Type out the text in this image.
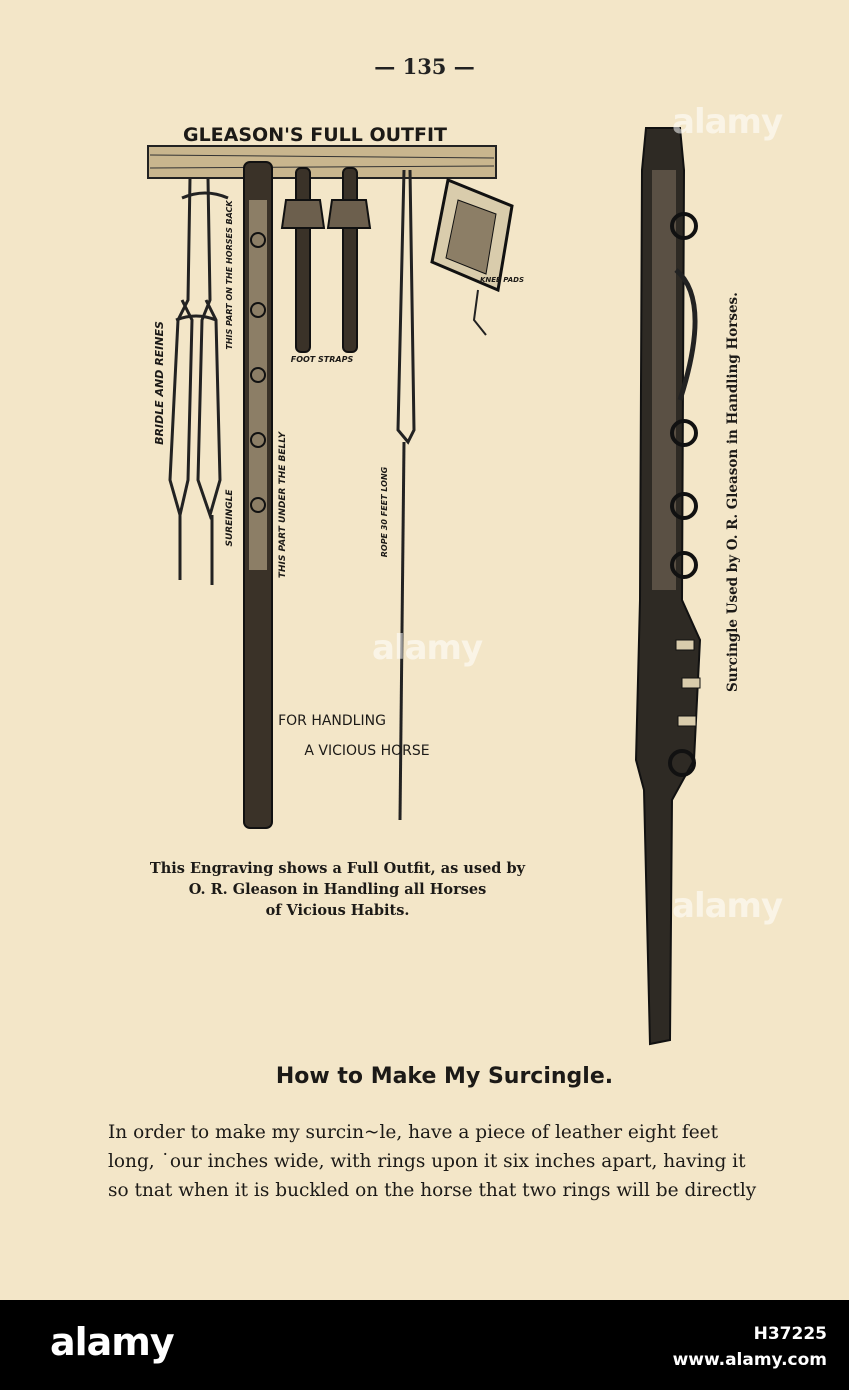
— 135 —
GLEASON'S FULL OUTFIT
BRIDLE AND REINES
THIS PART ON THE HORSES BACK
SUREINGLE	THIS PART UNDER THE BELLY
FOOT STRAPS
ROPE 30 FEET LONG
KNEE PADS
FOR HANDLING
A VICIOUS HORSE
This Engraving shows a Full Outfit, as used by
O. R. Gleason in Handling all Horses
of Vicious Habits.
Surcingle Used by O. R. Gleason in Handling Horses.
How to Make My Surcingle.
In order to make my surcin~le, have a piece of leather eight feet
long, ˙our inches wide, with rings upon it six inches apart, having it
so tnat when it is buckled on the horse that two rings will be directly
alamy
alamy
alamy
alamy	H37225
www.alamy.com
